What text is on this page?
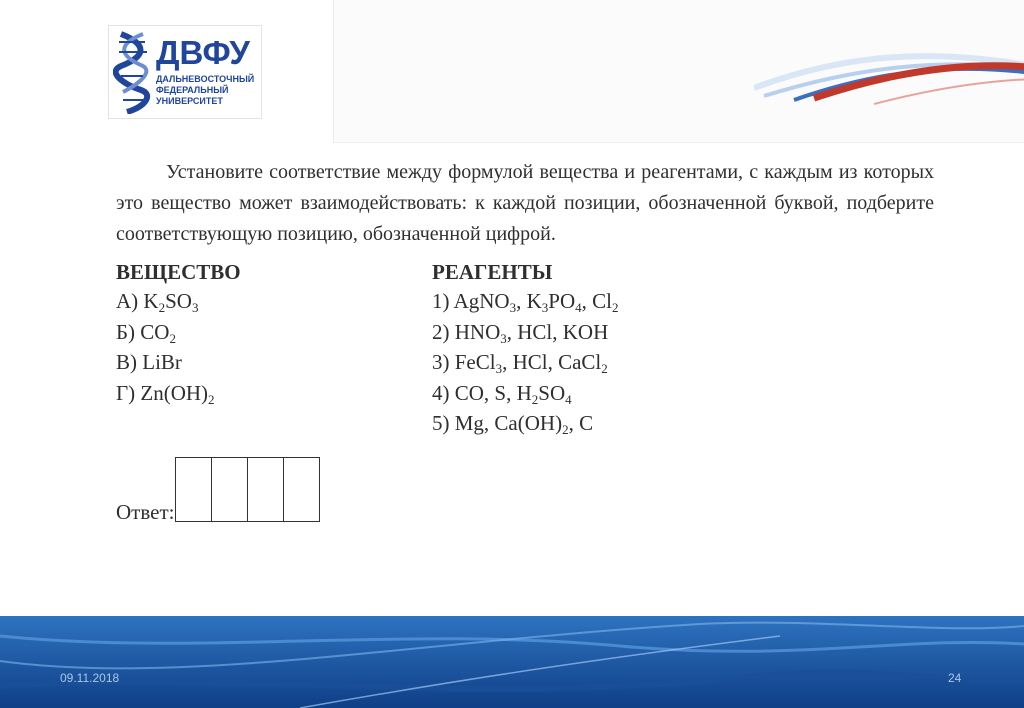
ДВФУ
ДАЛЬНЕВОСТОЧНЫЙ
ФЕДЕРАЛЬНЫЙ
УНИВЕРСИТЕТ
Установите соответствие между формулой вещества и реагентами, с каждым из которых это вещество может взаимодействовать: к каждой позиции, обозначенной буквой, подберите соответствующую позицию, обозначенной цифрой.
ВЕЩЕСТВО
А) $K_2SO_3$
Б) $CO_2$
В) LiBr
Г) $Zn(OH)_2$
РЕАГЕНТЫ
1) AgNO$_3$, $K_3PO_4$, $Cl_2$
2) $HNO_3$, HCl, KOH
3) FeCl$_3$, HCl, CaCl$_2$
4) CO, S, $H_2SO_4$
5) Mg, $Ca(OH)_2$, C
Ответ:
09.11.2018	24
